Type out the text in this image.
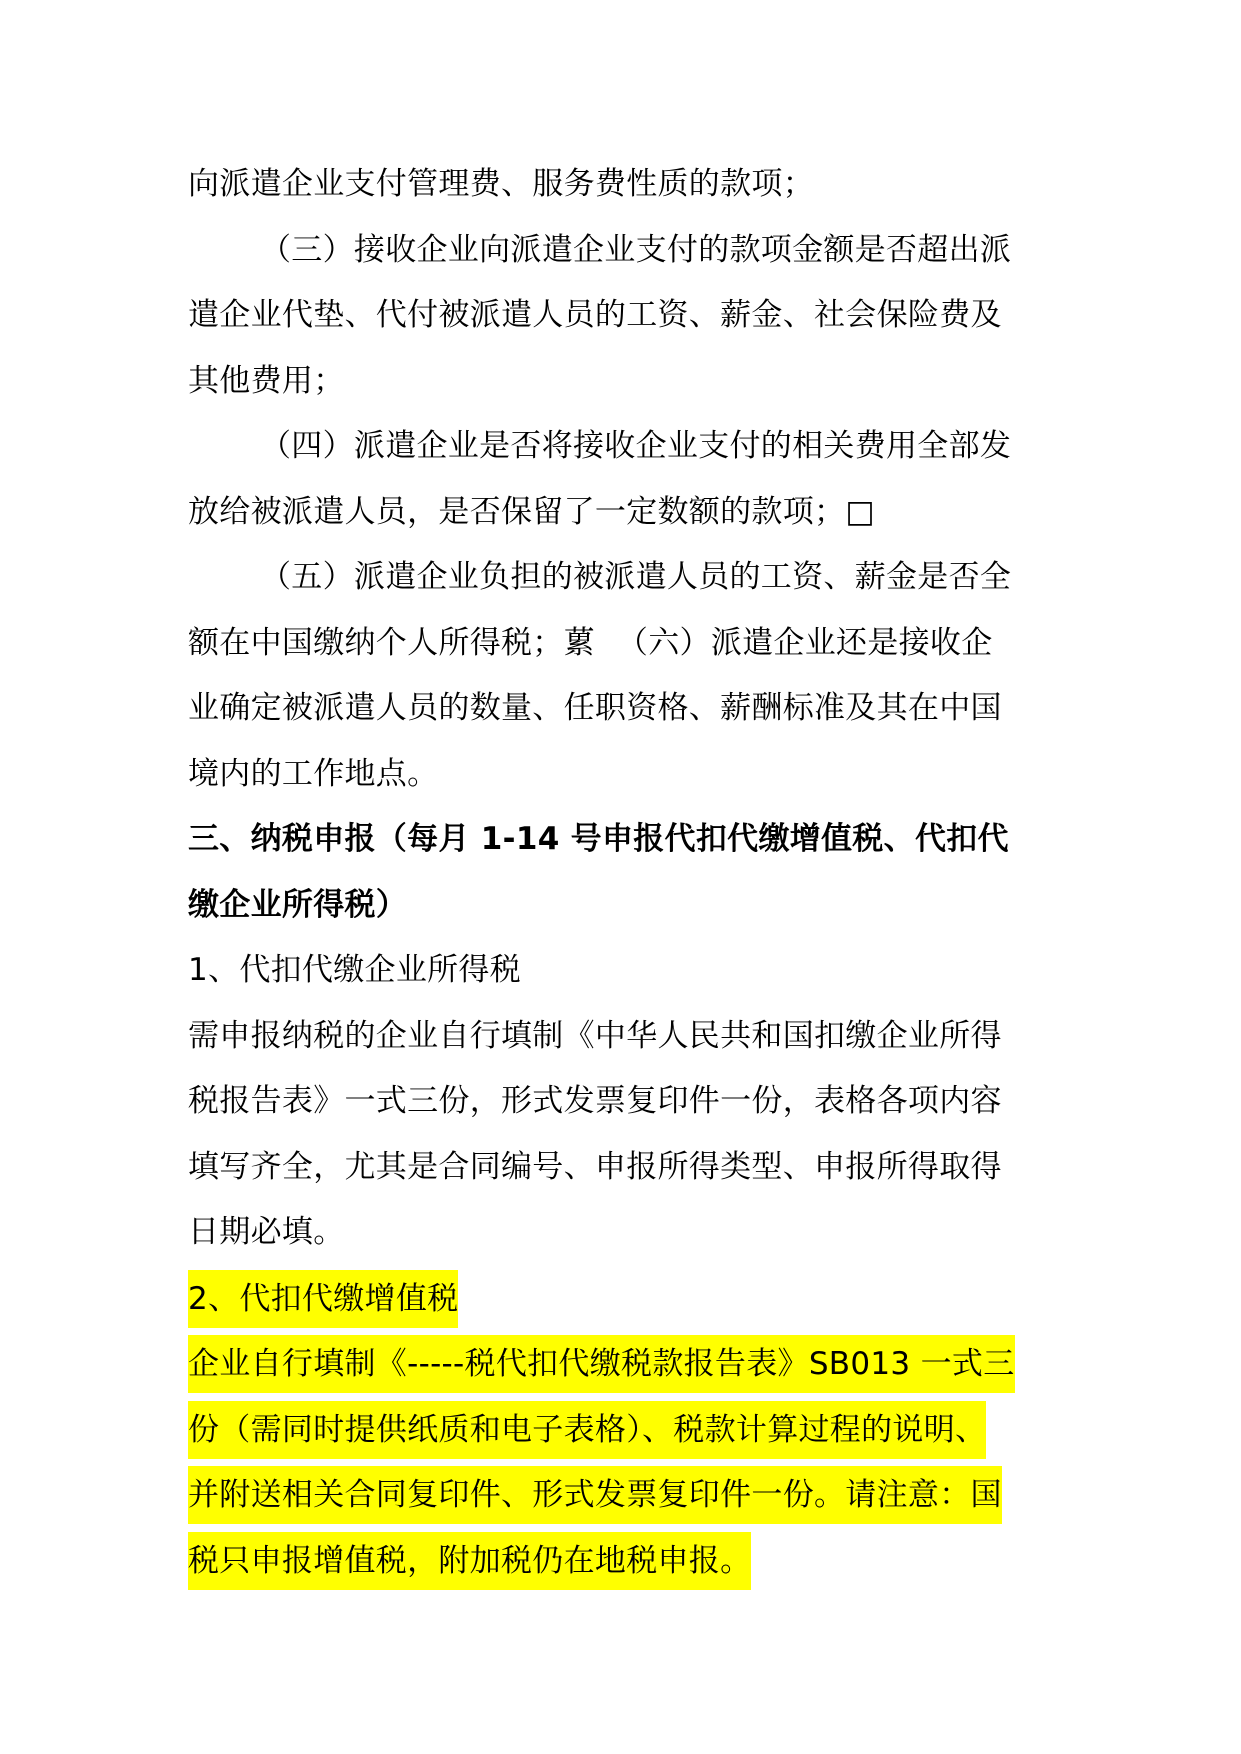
向派遣企业支付管理费、服务费性质的款项；
（三）接收企业向派遣企业支付的款项金额是否超出派
遣企业代垫、代付被派遣人员的工资、薪金、社会保险费及
其他费用；
（四）派遣企业是否将接收企业支付的相关费用全部发
放给被派遣人员，是否保留了一定数额的款项；□
（五）派遣企业负担的被派遣人员的工资、薪金是否全
额在中国缴纳个人所得税；蔂 （六）派遣企业还是接收企
业确定被派遣人员的数量、任职资格、薪酬标准及其在中国
境内的工作地点。
三、纳税申报（每月 1-14 号申报代扣代缴增值税、代扣代
缴企业所得税）
1、代扣代缴企业所得税
需申报纳税的企业自行填制《中华人民共和国扣缴企业所得
税报告表》一式三份，形式发票复印件一份，表格各项内容
填写齐全，尤其是合同编号、申报所得类型、申报所得取得
日期必填。
2、代扣代缴增值税
企业自行填制《-----税代扣代缴税款报告表》SB013 一式三
份（需同时提供纸质和电子表格）、税款计算过程的说明、
并附送相关合同复印件、形式发票复印件一份。请注意：国
税只申报增值税，附加税仍在地税申报。
